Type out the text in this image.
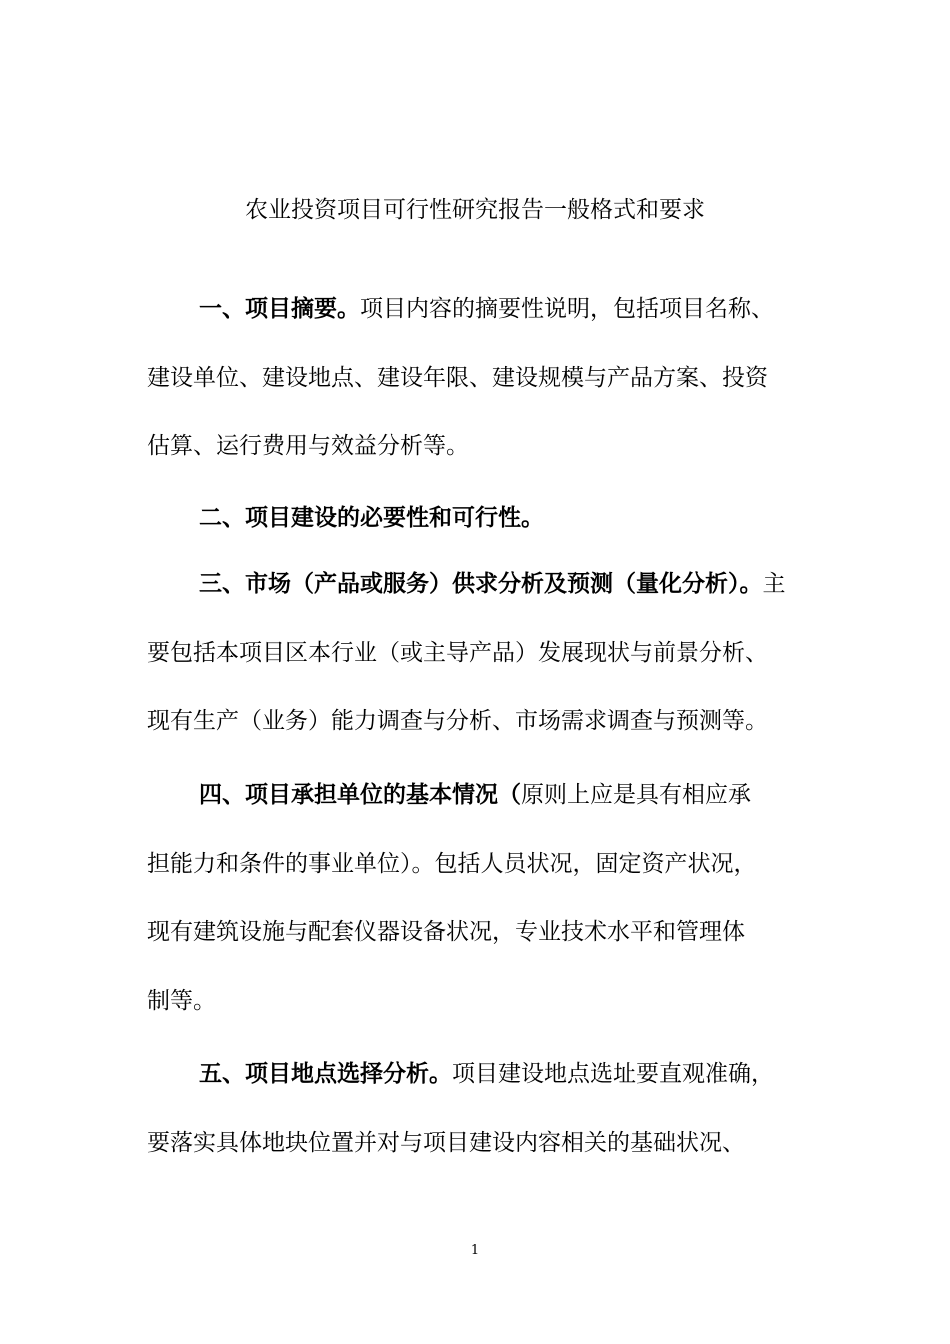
农业投资项目可行性研究报告一般格式和要求
一、项目摘要。项目内容的摘要性说明，包括项目名称、
建设单位、建设地点、建设年限、建设规模与产品方案、投资
估算、运行费用与效益分析等。
二、项目建设的必要性和可行性。
三、市场（产品或服务）供求分析及预测（量化分析）。主
要包括本项目区本行业（或主导产品）发展现状与前景分析、
现有生产（业务）能力调查与分析、市场需求调查与预测等。
四、项目承担单位的基本情况（原则上应是具有相应承
担能力和条件的事业单位）。包括人员状况，固定资产状况，
现有建筑设施与配套仪器设备状况，专业技术水平和管理体
制等。
五、项目地点选择分析。项目建设地点选址要直观准确，
要落实具体地块位置并对与项目建设内容相关的基础状况、
1
